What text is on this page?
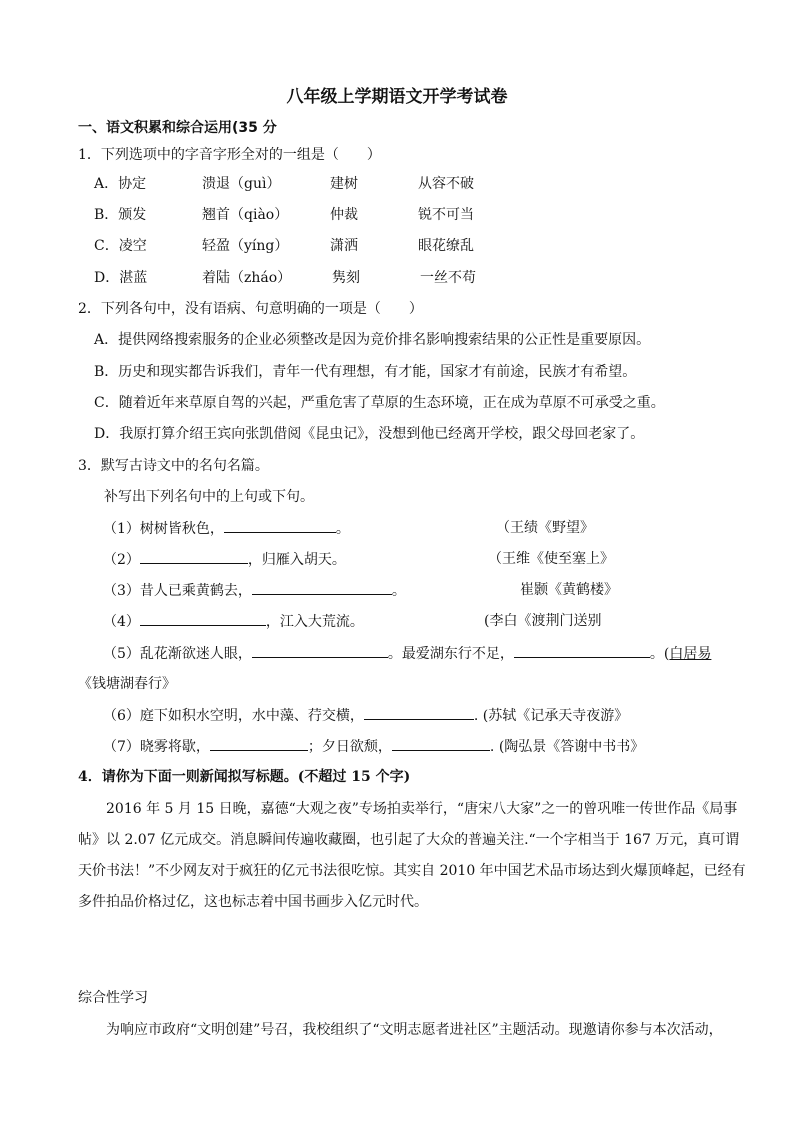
八年级上学期语文开学考试卷
一、语文积累和综合运用(35 分
1．下列选项中的字音字形全对的一组是（　　）
A．协定	溃退（guì）	建树	从容不破
B．颁发	翘首（qiào）	仲裁	锐不可当
C．凌空	轻盈（yíng）	潇洒	眼花缭乱
D．湛蓝	着陆（zháo）	隽刻	一丝不苟
2．下列各句中，没有语病、句意明确的一项是（　　）
A．提供网络搜索服务的企业必须整改是因为竞价排名影响搜索结果的公正性是重要原因。
B．历史和现实都告诉我们，青年一代有理想，有才能，国家才有前途，民族才有希望。
C．随着近年来草原自驾的兴起，严重危害了草原的生态环境，正在成为草原不可承受之重。
D．我原打算介绍王宾向张凯借阅《昆虫记》，没想到他已经离开学校，跟父母回老家了。
3．默写古诗文中的名句名篇。
补写出下列名句中的上句或下句。
（1）树树皆秋色，	。	（王绩《野望》
（2）	，归雁入胡天。	（王维《使至塞上》
（3）昔人已乘黄鹤去，	。	崔颢《黄鹤楼》
（4）	，江入大荒流。	(李白《渡荆门送别
（5）乱花渐欲迷人眼，	。最爱湖东行不足，	。(白居易
《钱塘湖春行》
（6）庭下如积水空明，水中藻、荇交横，	. (苏轼《记承天寺夜游》
（7）晓雾将歇，	；夕日欲颓，	. (陶弘景《答谢中书书》
4．请你为下面一则新闻拟写标题。(不超过 15 个字)
2016 年 5 月 15 日晚，嘉德“大观之夜”专场拍卖举行，“唐宋八大家”之一的曾巩唯一传世作品《局事帖》以 2.07 亿元成交。消息瞬间传遍收藏圈，也引起了大众的普遍关注.“一个字相当于 167 万元，真可谓天价书法！”不少网友对于疯狂的亿元书法很吃惊。其实自 2010 年中国艺术品市场达到火爆顶峰起，已经有多件拍品价格过亿，这也标志着中国书画步入亿元时代。
综合性学习
为响应市政府“文明创建”号召，我校组织了“文明志愿者进社区”主题活动。现邀请你参与本次活动，
